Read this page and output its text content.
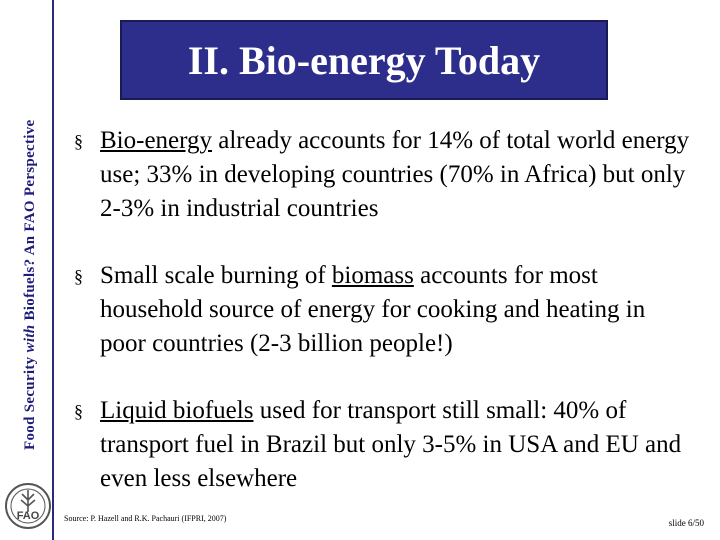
Food Security with Biofuels? An FAO Perspective
FAO
II. Bio-energy Today
§ Bio-energy already accounts for 14% of total world energy use; 33% in developing countries (70% in Africa) but only 2-3% in industrial countries
§ Small scale burning of biomass accounts for most household source of energy for cooking and heating in poor countries (2-3 billion people!)
§ Liquid biofuels used for transport still small: 40% of transport fuel in Brazil but only 3-5% in USA and EU and even less elsewhere
Source: P. Hazell and R.K. Pachauri (IFPRI, 2007)	slide 6/50
